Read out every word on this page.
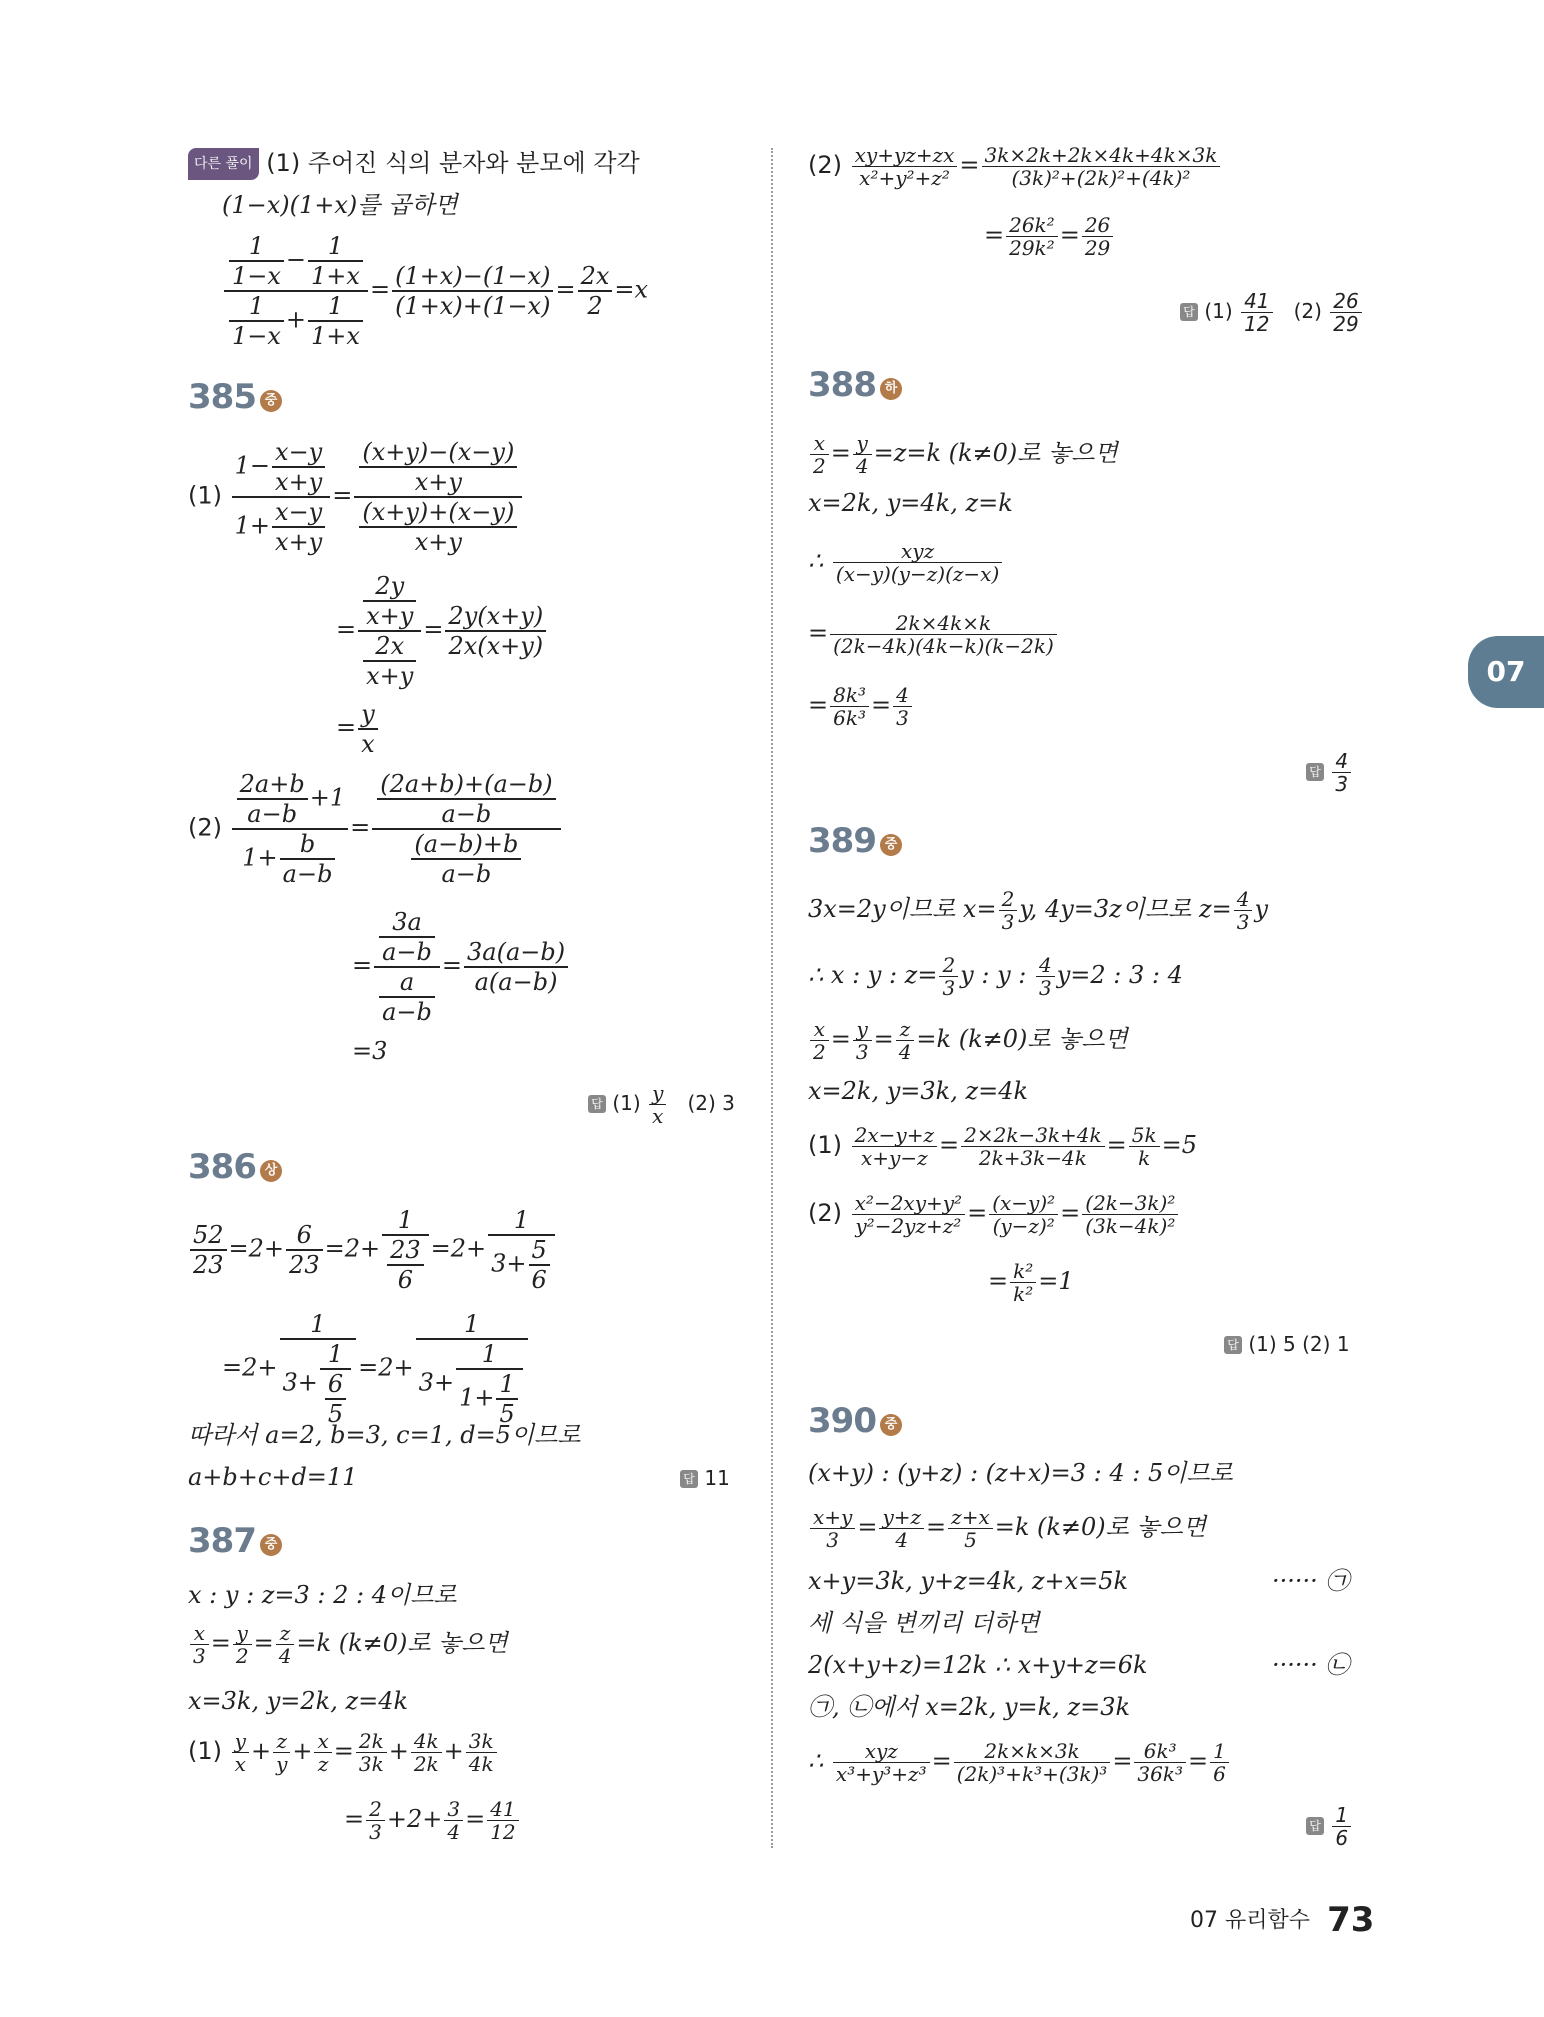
다른 풀이 (1) 주어진 식의 분자와 분모에 각각
(1−x)(1+x)를 곱하면
$\frac{\frac{1}{1-x} - \frac{1}{1+x}}{\frac{1}{1-x} + \frac{1}{1+x}} = \frac{(1+x)-(1-x)}{(1+x)+(1-x)} = \frac{2x}{2} =x$
385 중
$(1) \frac{1- \frac{x-y}{x+y}}{1+ \frac{x-y}{x+y}} = \frac{\frac{(x+y)-(x-y)}{x+y}}{\frac{(x+y)+(x-y)}{x+y}}$
= $\frac{\frac{2y}{x+y}}{\frac{2x}{x+y}} = \frac{2y(x+y)}{2x(x+y)}$
= $\frac{y}{x}$
$(2) \frac{\frac{2a+b}{a-b} +1}{1+ \frac{b}{a-b}} = \frac{\frac{(2a+b)+(a-b)}{a-b}}{\frac{(a-b)+b}{a-b}}$
= $\frac{\frac{3a}{a-b}}{\frac{a}{a-b}} = \frac{3a(a-b)}{a(a-b)}$
=3
답 $(1) \frac{y}{x} (2)$ 3
386 상
$\frac{52}{23} =2+ \frac{6}{23} =2+ \frac{1}{\frac{23}{6}} =2+ \frac{1}{3+ \frac{5}{6}}$
$=2+ \frac{1}{3+ \frac{1}{\frac{6}{5}}} =2+ \frac{1}{3+ \frac{1}{1+ \frac{1}{5}}}$
따라서 a=2, b=3, c=1, d=5이므로
a+b+c+d=11	답 11
387 중
x : y : z=3 : 2 : 4이므로
$\frac{x}{3} = \frac{y}{2} = \frac{z}{4} =k$ (k≠0)로 놓으면
x=3k, y=2k, z=4k
$(1) \frac{y}{x} + \frac{z}{y} + \frac{x}{z} = \frac{2k}{3k} + \frac{4k}{2k} + \frac{3k}{4k}$
= $\frac{2}{3} +2+ \frac{3}{4} = \frac{41}{12}$
$(2) \frac{xy+yz+zx}{\text{x²+y²+z²}} = \frac{3k\times 2k+2k\times 4k+4k\times 3k}{\text{(3k)²+(2k)²+(4k)²}}$
= $\frac{\text{26k²}}{\text{29k²}} = \frac{26}{29}$
답 $(1) \frac{41}{12} (2) \frac{26}{29}$
388 하
$\frac{x}{2} = \frac{y}{4} =z=k$ (k≠0)로 놓으면
x=2k, y=4k, z=k
∴ $\frac{\text{xyz}}{(x-y)(y-z)(z-x)}$
= $\frac{2k\times 4k\times k}{(2k-4k)(4k-k)(k-2k)}$
= $\frac{\text{8k³}}{\text{6k³}} = \frac{4}{3}$
답 $\frac{4}{3}$
389 중
3x=2y이므로 $x= \frac{2}{3} y$, 4y=3z이므로 $z= \frac{4}{3}$ y
∴ x : y : $z= \frac{2}{3}$ y : y : $\frac{4}{3} y=2$ : 3 : 4
$\frac{x}{2} = \frac{y}{3} = \frac{z}{4} =k$ (k≠0)로 놓으면
x=2k, y=3k, z=4k
$(1) \frac{2x-y+z}{x+y-z} = \frac{2\times 2k-3k+4k}{2k+3k-4k} = \frac{5k}{k} =5$
$(2) \frac{\text{x²−2xy+y²}}{\text{y²−2yz+z²}} = \frac{\text{(x−y)²}}{\text{(y−z)²}} = \frac{\text{(2k−3k)²}}{\text{(3k−4k)²}}$
= $\frac{\text{k²}}{\text{k²}} =1$
답 (1) 5 (2) 1
390 중
(x+y) : (y+z) : (z+x)=3 : 4 : 5이므로
$\frac{x+y}{3} = \frac{y+z}{4} = \frac{z+x}{5} =k$ (k≠0)로 놓으면
x+y=3k, y+z=4k, z+x=5k	······ ㉠
세 식을 변끼리 더하면
2(x+y+z)=12k ∴ x+y+z=6k	······ ㉡
㉠, ㉡에서 x=2k, y=k, z=3k
∴ $\frac{\text{xyz}}{\text{x³+y³+z³}} = \frac{2k\times k\times 3k}{\text{(2k)³+k³+(3k)³}} = \frac{\text{6k³}}{\text{36k³}} = \frac{1}{6}$
답 $\frac{1}{6}$
07
07 유리함수 73
